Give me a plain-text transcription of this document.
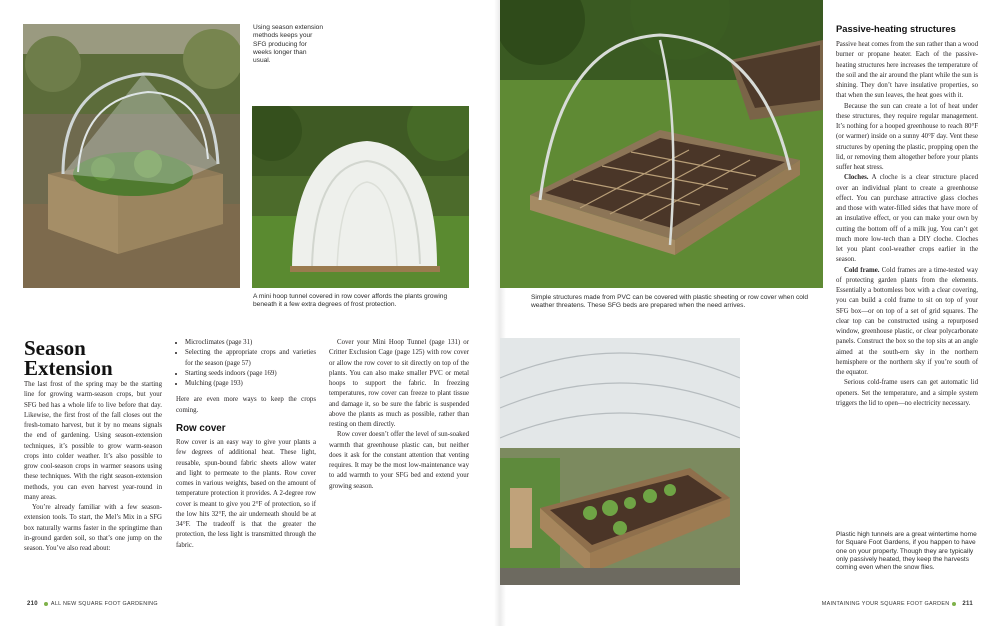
Using season extension methods keeps your SFG producing for weeks longer than usual.
A mini hoop tunnel covered in row cover affords the plants growing beneath it a few extra degrees of frost protection.
Season
Extension

The last frost of the spring may be the starting line for growing warm-season crops, but your SFG bed has a whole life to live before that day. Likewise, the first frost of the fall closes out the fresh-tomato harvest, but it by no means signals the end of gardening. Using season-extension techniques, it’s possible to grow warm-season crops into colder weather. It’s also possible to grow cool-season crops in warmer seasons using these techniques. With the right season-extension methods, you can even harvest year-round in many areas.

You’re already familiar with a few season-extension tools. To start, the Mel’s Mix in a SFG box naturally warms faster in the springtime than in-ground garden soil, so that’s one jump on the season. You’ve also read about:

• Microclimates (page 31)
• Selecting the appropriate crops and varieties for the season (page 57)
• Starting seeds indoors (page 169)
• Mulching (page 193)

Here are even more ways to keep the crops coming.

Row cover

Row cover is an easy way to give your plants a few degrees of additional heat. These light, reusable, spun-bound fabric sheets allow water and light to permeate to the plants. Row cover comes in various weights, based on the amount of temperature protection it provides. A 2-degree row cover is meant to give you 2°F of protection, so if the low hits 32°F, the air underneath should be at 34°F. The tradeoff is that the greater the protection, the less light is transmitted through the fabric.

Cover your Mini Hoop Tunnel (page 131) or Critter Exclusion Cage (page 125) with row cover or allow the row cover to sit directly on top of the plants. You can also make smaller PVC or metal hoops to support the fabric. In freezing temperatures, row cover can freeze to plant tissue and damage it, so be sure the fabric is suspended above the plants as much as possible, rather than resting on them directly.

Row cover doesn’t offer the level of sun-soaked warmth that greenhouse plastic can, but neither does it ask for the constant attention that venting requires. It may be the most low-maintenance way to add warmth to your SFG bed and extend your growing season.

210 ALL NEW SQUARE FOOT GARDENING
Simple structures made from PVC can be covered with plastic sheeting or row cover when cold weather threatens. These SFG beds are prepared when the need arrives.
Plastic high tunnels are a great wintertime home for Square Foot Gardens, if you happen to have one on your property. Though they are typically only passively heated, they keep the harvests coming even when the snow flies.
Passive-heating structures

Passive heat comes from the sun rather than a wood burner or propane heater. Each of the passive-heating structures here increases the temperature of the soil and the air around the plant while the sun is shining. They don’t have insulative properties, so that when the sun leaves, the heat goes with it.

Because the sun can create a lot of heat under these structures, they require regular management. It’s nothing for a hooped greenhouse to reach 80°F (or warmer) inside on a sunny 40°F day. Vent these structures by opening the plastic, propping open the lid, or removing them altogether before your plants suffer heat stress.

Cloches. A cloche is a clear structure placed over an individual plant to create a greenhouse effect. You can purchase attractive glass cloches and those with water-filled sides that have more of an insulative effect, or you can make your own by cutting the bottom off of a milk jug. You can’t get much more low-tech than a DIY cloche. Cloches let you plant cool-weather crops earlier in the season.

Cold frame. Cold frames are a time-tested way of protecting garden plants from the elements. Essentially a bottomless box with a clear covering, you can build a cold frame to sit on top of your SFG box—or on top of a set of grid squares. The clear top can be constructed using a repurposed window, greenhouse plastic, or clear polycarbonate panels. Construct the box so the top sits at an angle aimed at the south-ern sky in the northern hemisphere or the northern sky if you’re south of the equator.

Serious cold-frame users can get automatic lid openers. Set the temperature, and a simple system triggers the lid to open—no electricity necessary.

MAINTAINING YOUR SQUARE FOOT GARDEN 211
